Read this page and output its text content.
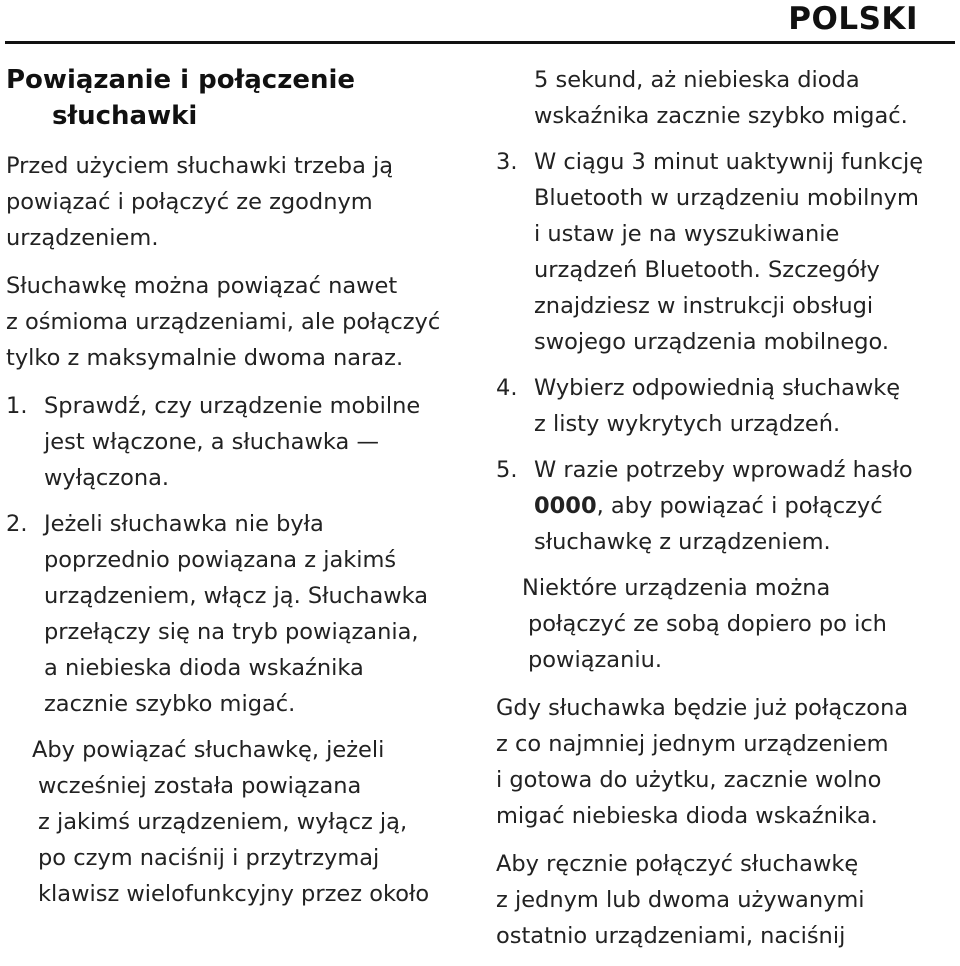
POLSKI
Powiązanie i połączenie
słuchawki

Przed użyciem słuchawki trzeba ją
powiązać i połączyć ze zgodnym
urządzeniem.

Słuchawkę można powiązać nawet
z ośmioma urządzeniami, ale połączyć
tylko z maksymalnie dwoma naraz.

1. Sprawdź, czy urządzenie mobilne
jest włączone, a słuchawka —
wyłączona.
2. Jeżeli słuchawka nie była
poprzednio powiązana z jakimś
urządzeniem, włącz ją. Słuchawka
przełączy się na tryb powiązania,
a niebieska dioda wskaźnika
zacznie szybko migać.
Aby powiązać słuchawkę, jeżeli
wcześniej została powiązana
z jakimś urządzeniem, wyłącz ją,
po czym naciśnij i przytrzymaj
klawisz wielofunkcyjny przez około
5 sekund, aż niebieska dioda
wskaźnika zacznie szybko migać.
3. W ciągu 3 minut uaktywnij funkcję
Bluetooth w urządzeniu mobilnym
i ustaw je na wyszukiwanie
urządzeń Bluetooth. Szczegóły
znajdziesz w instrukcji obsługi
swojego urządzenia mobilnego.
4. Wybierz odpowiednią słuchawkę
z listy wykrytych urządzeń.
5. W razie potrzeby wprowadź hasło
0000, aby powiązać i połączyć
słuchawkę z urządzeniem.
Niektóre urządzenia można
połączyć ze sobą dopiero po ich
powiązaniu.

Gdy słuchawka będzie już połączona
z co najmniej jednym urządzeniem
i gotowa do użytku, zacznie wolno
migać niebieska dioda wskaźnika.

Aby ręcznie połączyć słuchawkę
z jednym lub dwoma używanymi
ostatnio urządzeniami, naciśnij
